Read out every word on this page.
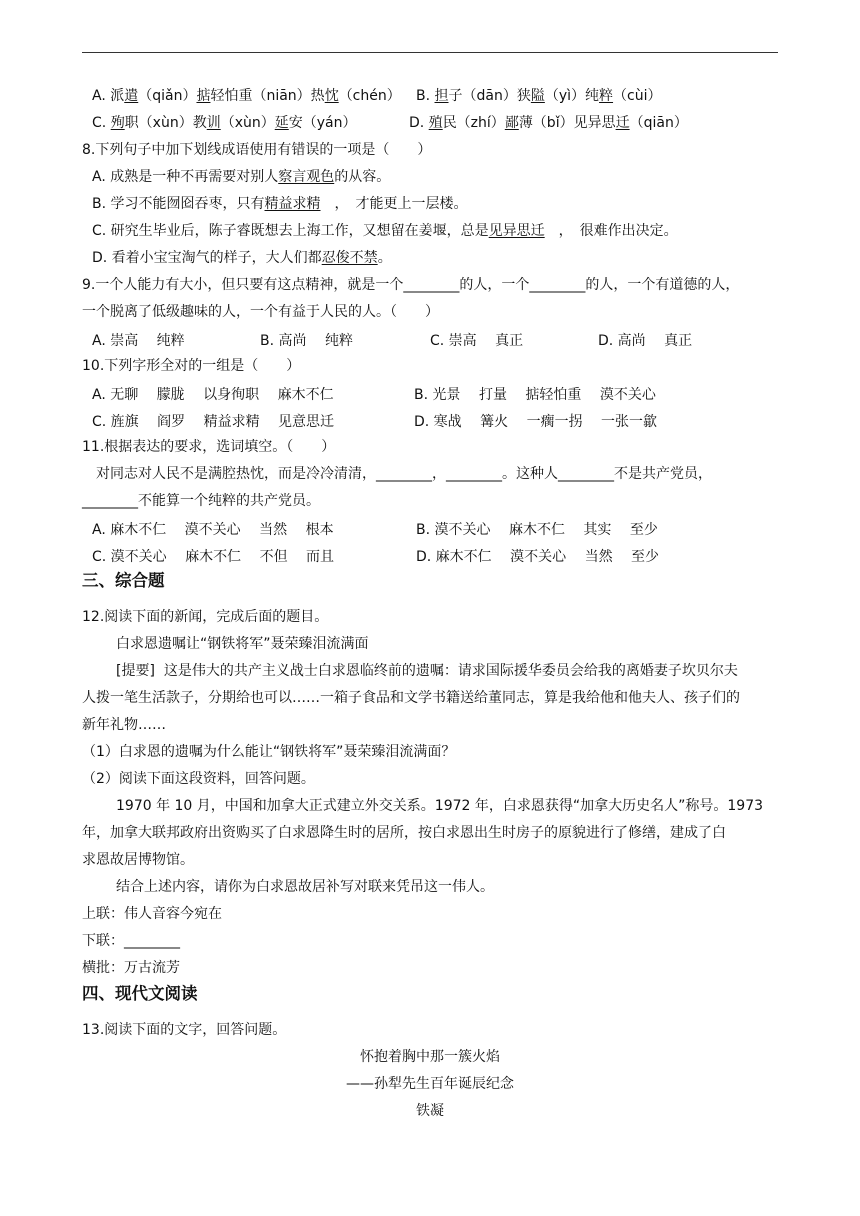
A. 派遣（qiǎn）掂轻怕重（niān）热忱（chén） B. 担子（dān）狭隘（yì）纯粹（cùi）
C. 殉职（xùn）教训（xùn）延安（yán）	D. 殖民（zhí）鄙薄（bǐ）见异思迁（qiān）
8.下列句子中加下划线成语使用有错误的一项是（　　）
A. 成熟是一种不再需要对别人察言观色的从容。
B. 学习不能囫囵吞枣，只有精益求精　，　才能更上一层楼。
C. 研究生毕业后，陈子睿既想去上海工作，又想留在姜堰，总是见异思迁　，　很难作出决定。
D. 看着小宝宝淘气的样子，大人们都忍俊不禁。
9.一个人能力有大小，但只要有这点精神，就是一个________的人，一个________的人，一个有道德的人，
一个脱离了低级趣味的人，一个有益于人民的人。（　　）
A. 崇高　 纯粹	B. 高尚　 纯粹	C. 崇高　 真正	D. 高尚　 真正
10.下列字形全对的一组是（　　）
A. 无聊　 朦胧　 以身徇职　 麻木不仁	B. 光景　 打量　 掂轻怕重　 漠不关心
C. 旌旗　 阎罗　 精益求精　 见意思迁	D. 寒战　 篝火　 一瘸一拐　 一张一歙
11.根据表达的要求，选词填空。（　　）
　对同志对人民不是满腔热忱，而是冷冷清清，________，________。这种人________不是共产党员，
________不能算一个纯粹的共产党员。
A. 麻木不仁　 漠不关心　 当然　 根本	B. 漠不关心　 麻木不仁　 其实　 至少
C. 漠不关心　 麻木不仁　 不但　 而且	D. 麻木不仁　 漠不关心　 当然　 至少
三、综合题
12.阅读下面的新闻，完成后面的题目。
白求恩遗嘱让“钢铁将军”聂荣臻泪流满面
[提要]  这是伟大的共产主义战士白求恩临终前的遗嘱：请求国际援华委员会给我的离婚妻子坎贝尔夫
人拨一笔生活款子，分期给也可以……一箱子食品和文学书籍送给董同志，算是我给他和他夫人、孩子们的
新年礼物……
（1）白求恩的遗嘱为什么能让“钢铁将军”聂荣臻泪流满面？
（2）阅读下面这段资料，回答问题。
1970 年 10 月，中国和加拿大正式建立外交关系。1972 年，白求恩获得“加拿大历史名人”称号。1973
年，加拿大联邦政府出资购买了白求恩降生时的居所，按白求恩出生时房子的原貌进行了修缮，建成了白
求恩故居博物馆。
结合上述内容，请你为白求恩故居补写对联来凭吊这一伟人。
上联：伟人音容今宛在
下联：________
横批：万古流芳
四、现代文阅读
13.阅读下面的文字，回答问题。
怀抱着胸中那一簇火焰
——孙犁先生百年诞辰纪念
铁凝
